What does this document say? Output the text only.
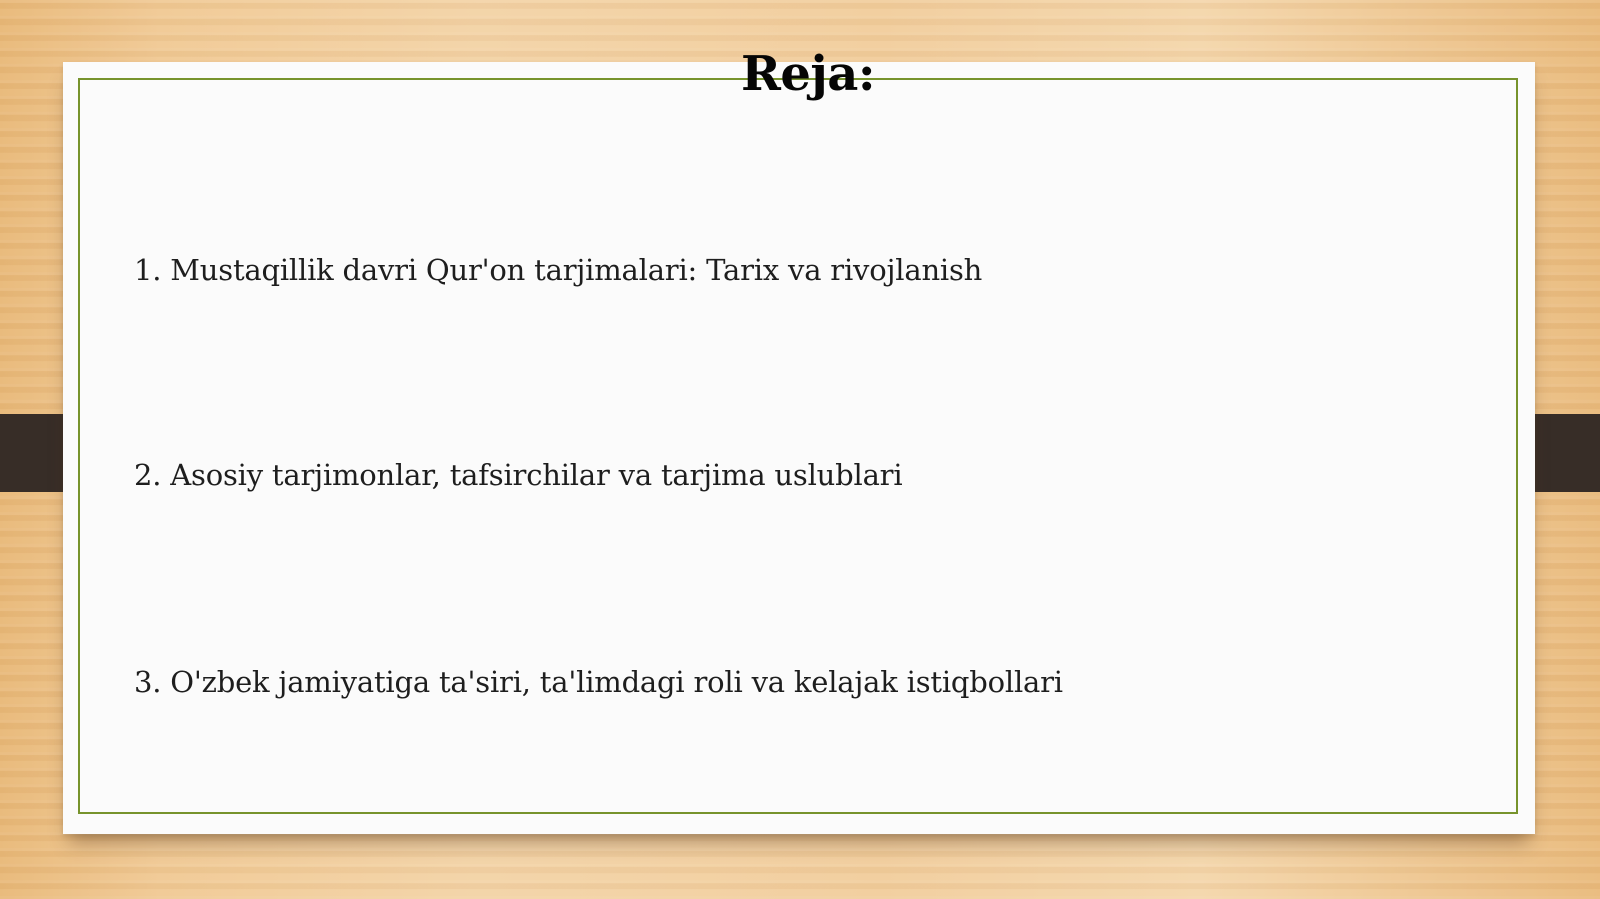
Reja:

1. Mustaqillik davri Qur'on tarjimalari: Tarix va rivojlanish

2. Asosiy tarjimonlar, tafsirchilar va tarjima uslublari

3. O'zbek jamiyatiga ta'siri, ta'limdagi roli va kelajak istiqbollari
